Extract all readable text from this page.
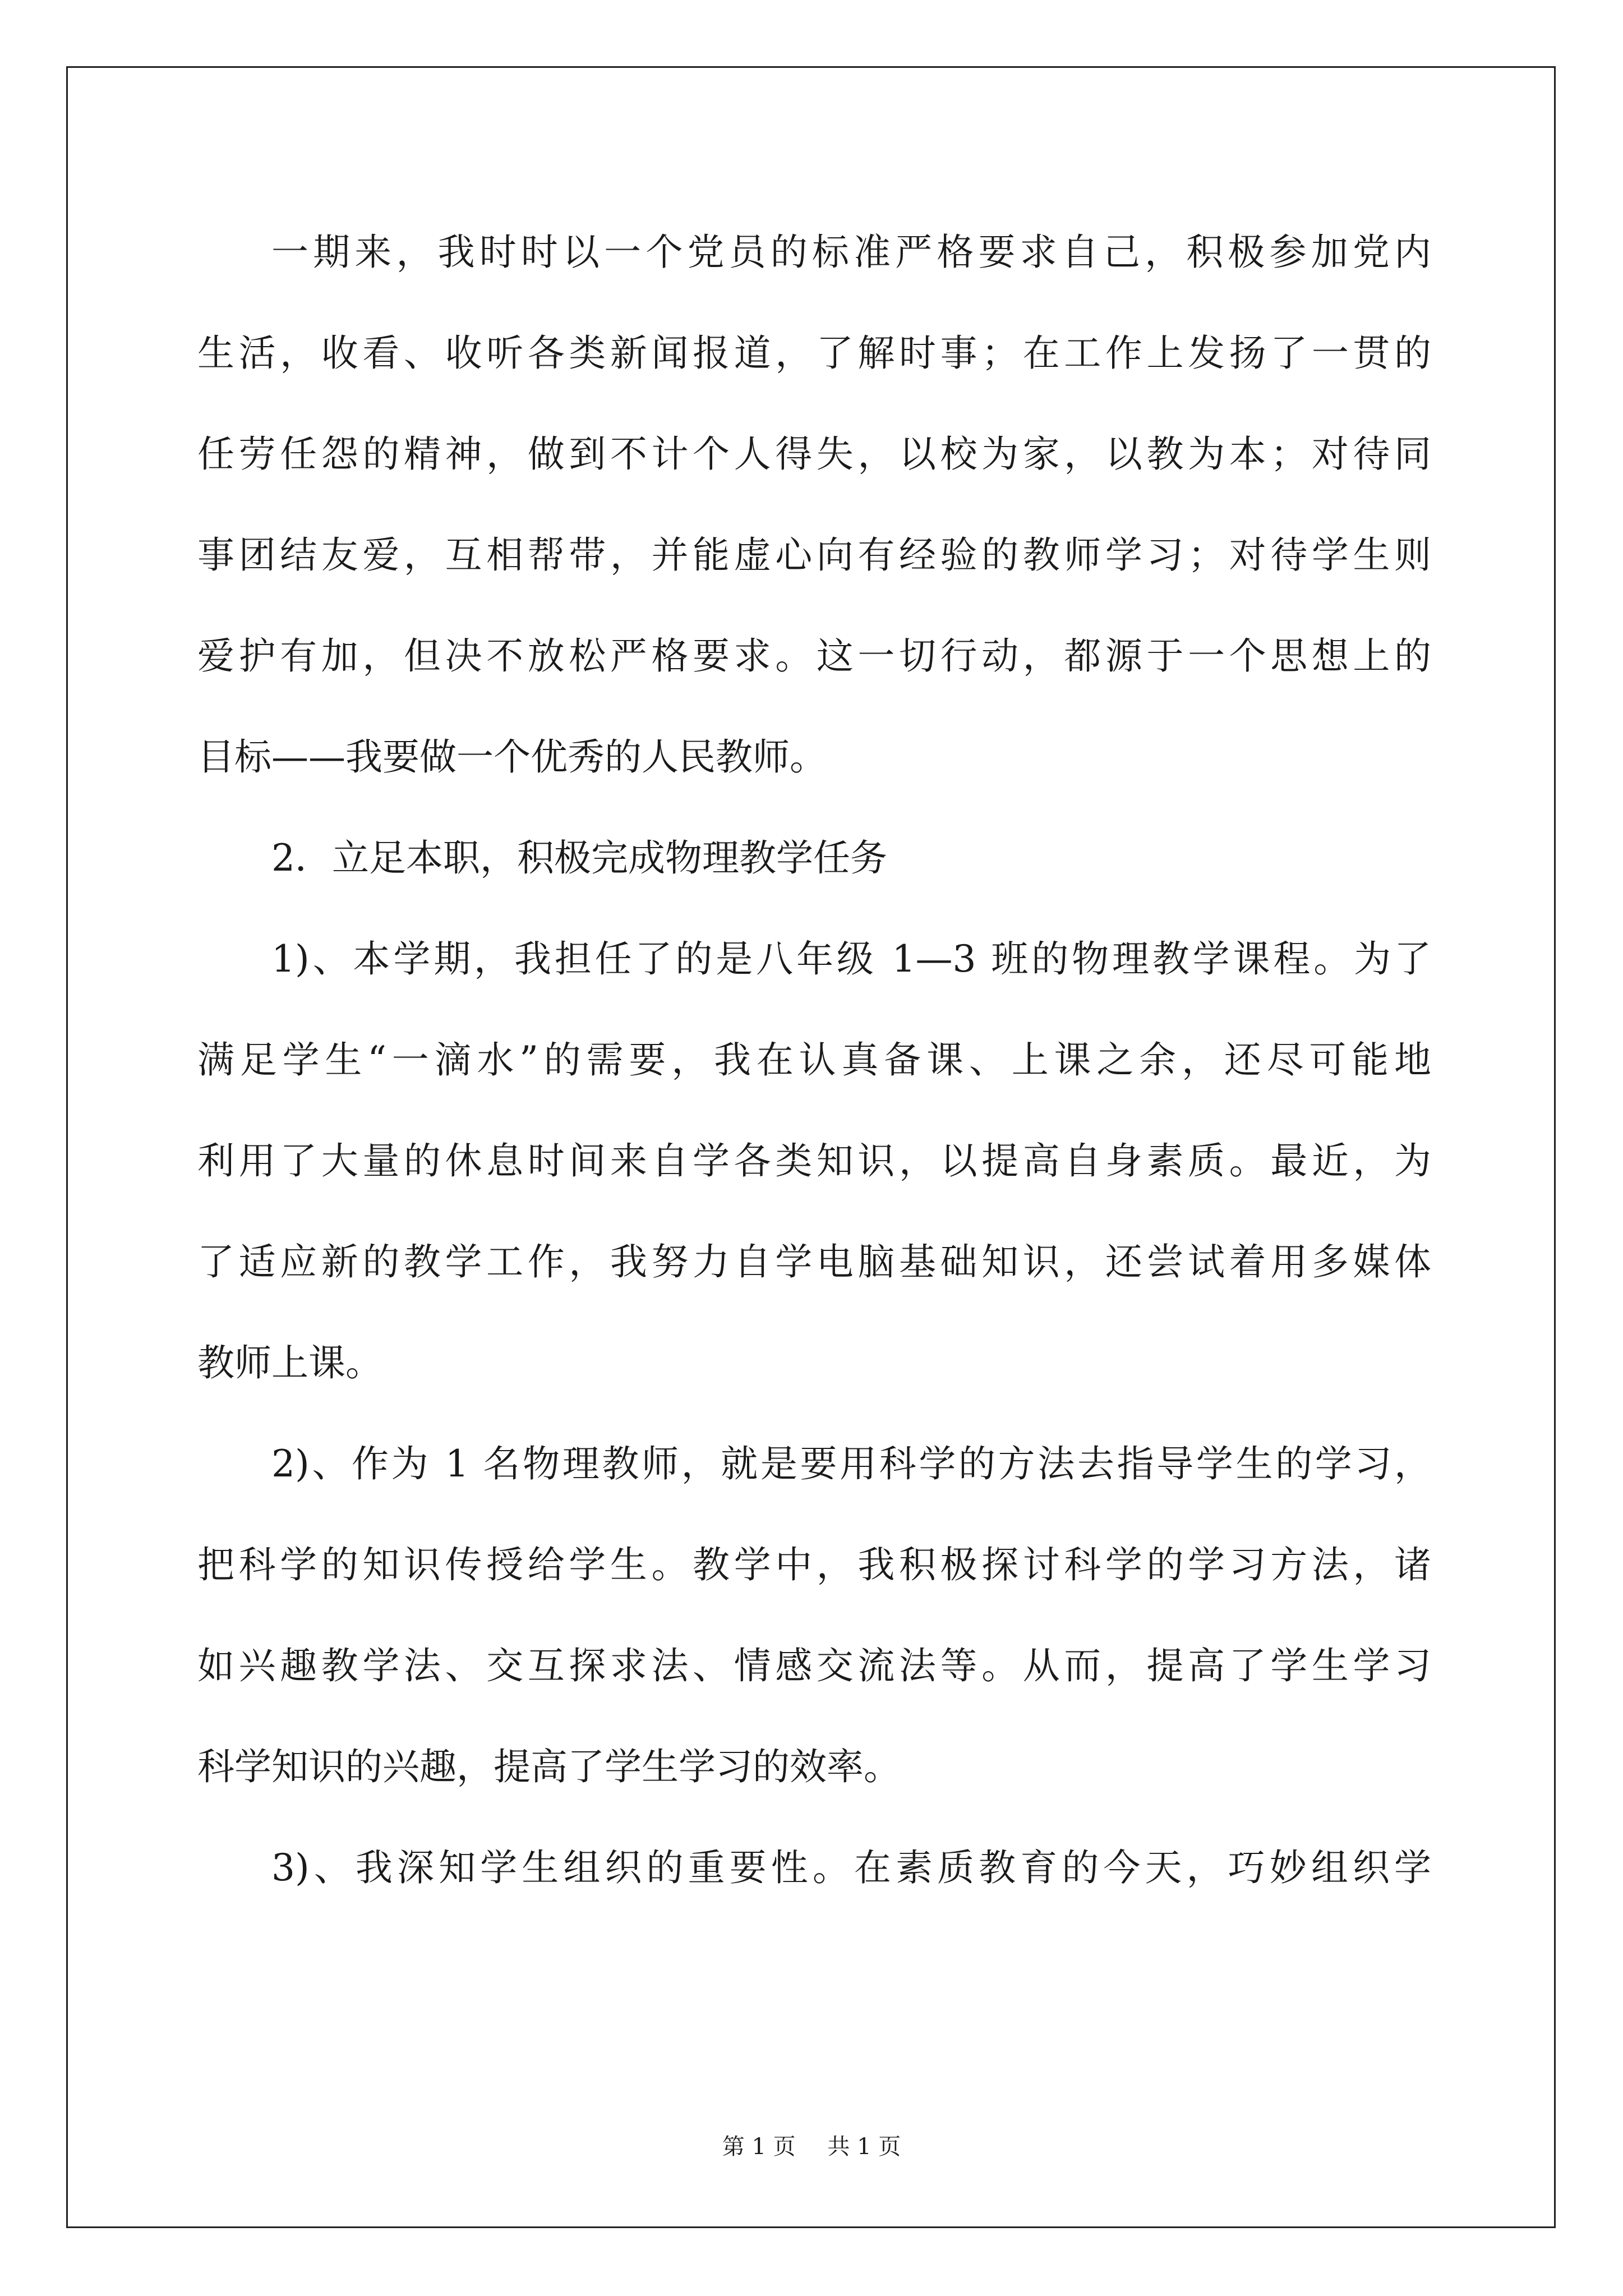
一期来，我时时以一个党员的标准严格要求自己，积极参加党内
生活，收看、收听各类新闻报道，了解时事；在工作上发扬了一贯的
任劳任怨的精神，做到不计个人得失，以校为家，以教为本；对待同
事团结友爱，互相帮带，并能虚心向有经验的教师学习；对待学生则
爱护有加，但决不放松严格要求。这一切行动，都源于一个思想上的
目标——我要做一个优秀的人民教师。
2．立足本职，积极完成物理教学任务
1)、本学期，我担任了的是八年级 1—3 班的物理教学课程。为了
满足学生“一滴水”的需要，我在认真备课、上课之余，还尽可能地
利用了大量的休息时间来自学各类知识，以提高自身素质。最近，为
了适应新的教学工作，我努力自学电脑基础知识，还尝试着用多媒体
教师上课。
2)、作为 1 名物理教师，就是要用科学的方法去指导学生的学习，
把科学的知识传授给学生。教学中，我积极探讨科学的学习方法，诸
如兴趣教学法、交互探求法、情感交流法等。从而，提高了学生学习
科学知识的兴趣，提高了学生学习的效率。
3)、我深知学生组织的重要性。在素质教育的今天，巧妙组织学
第 1 页 共 1 页
